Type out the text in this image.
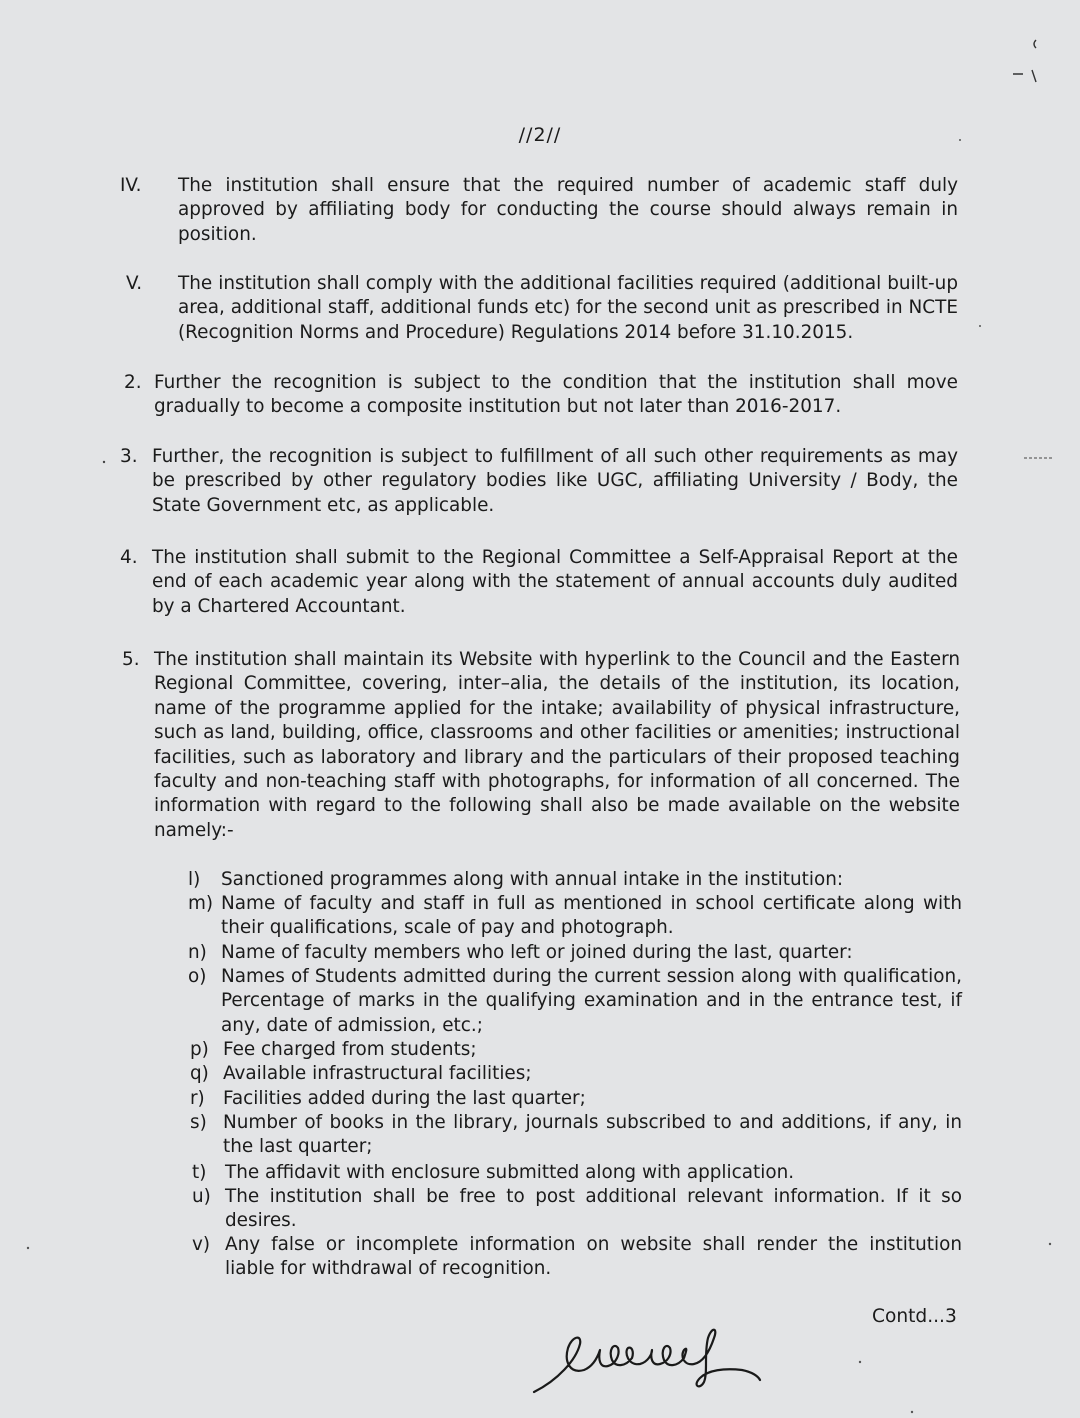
//2//
IV. The institution shall ensure that the required number of academic staff duly approved by affiliating body for conducting the course should always remain in position.
V. The institution shall comply with the additional facilities required (additional built-up area, additional staff, additional funds etc) for the second unit as prescribed in NCTE (Recognition Norms and Procedure) Regulations 2014 before 31.10.2015.
2. Further the recognition is subject to the condition that the institution shall move gradually to become a composite institution but not later than 2016-2017.
3. Further, the recognition is subject to fulfillment of all such other requirements as may be prescribed by other regulatory bodies like UGC, affiliating University / Body, the State Government etc, as applicable.
4. The institution shall submit to the Regional Committee a Self-Appraisal Report at the end of each academic year along with the statement of annual accounts duly audited by a Chartered Accountant.
5. The institution shall maintain its Website with hyperlink to the Council and the Eastern Regional Committee, covering, inter–alia, the details of the institution, its location, name of the programme applied for the intake; availability of physical infrastructure, such as land, building, office, classrooms and other facilities or amenities; instructional facilities, such as laboratory and library and the particulars of their proposed teaching faculty and non-teaching staff with photographs, for information of all concerned. The information with regard to the following shall also be made available on the website namely:-
l) Sanctioned programmes along with annual intake in the institution:
m) Name of faculty and staff in full as mentioned in school certificate along with their qualifications, scale of pay and photograph.
n) Name of faculty members who left or joined during the last, quarter:
o) Names of Students admitted during the current session along with qualification, Percentage of marks in the qualifying examination and in the entrance test, if any, date of admission, etc.;
p) Fee charged from students;
q) Available infrastructural facilities;
r) Facilities added during the last quarter;
s) Number of books in the library, journals subscribed to and additions, if any, in the last quarter;
t) The affidavit with enclosure submitted along with application.
u) The institution shall be free to post additional relevant information. If it so desires.
v) Any false or incomplete information on website shall render the institution liable for withdrawal of recognition.
Contd...3
